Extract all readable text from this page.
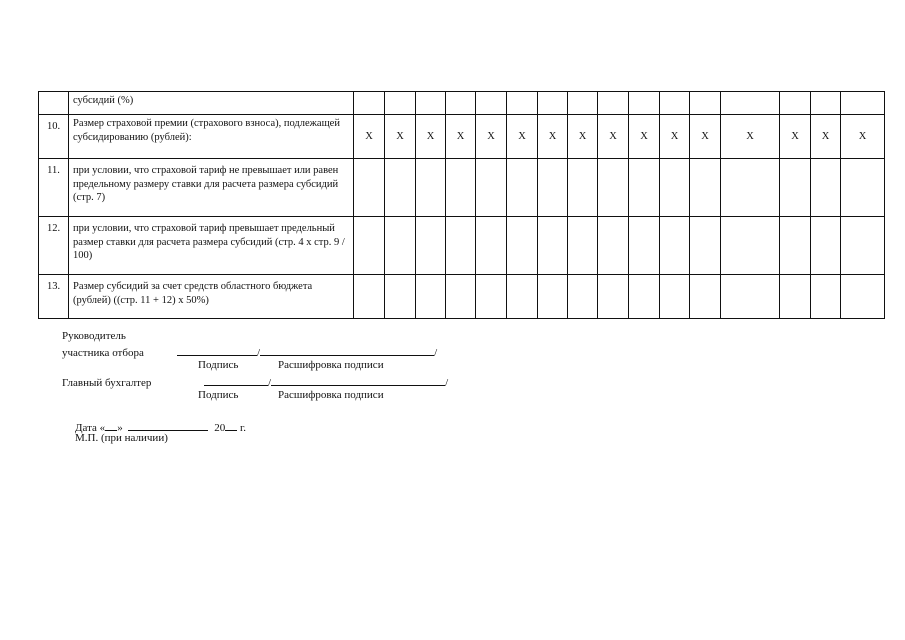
	субсидий (%)																
10.	Размер страховой премии (страхового взноса), подлежащей субсидированию (рублей):	X	X	X	X	X	X	X	X	X	X	X	X	X	X	X	X
11.	при условии, что страховой тариф не превышает или равен предельному размеру ставки для расчета размера субсидий (стр. 7)																
12.	при условии, что страховой тариф превышает предельный размер ставки для расчета размера субсидий (стр. 4 x стр. 9 / 100)																
13.	Размер субсидий за счет средств областного бюджета (рублей) ((стр. 11 + 12) x 50%)																
Руководитель
участника отбора	/	/
Подпись	Расшифровка подписи
Главный бухгалтер	/	/
Подпись	Расшифровка подписи
Дата « »	20 г.
М.П. (при наличии)
